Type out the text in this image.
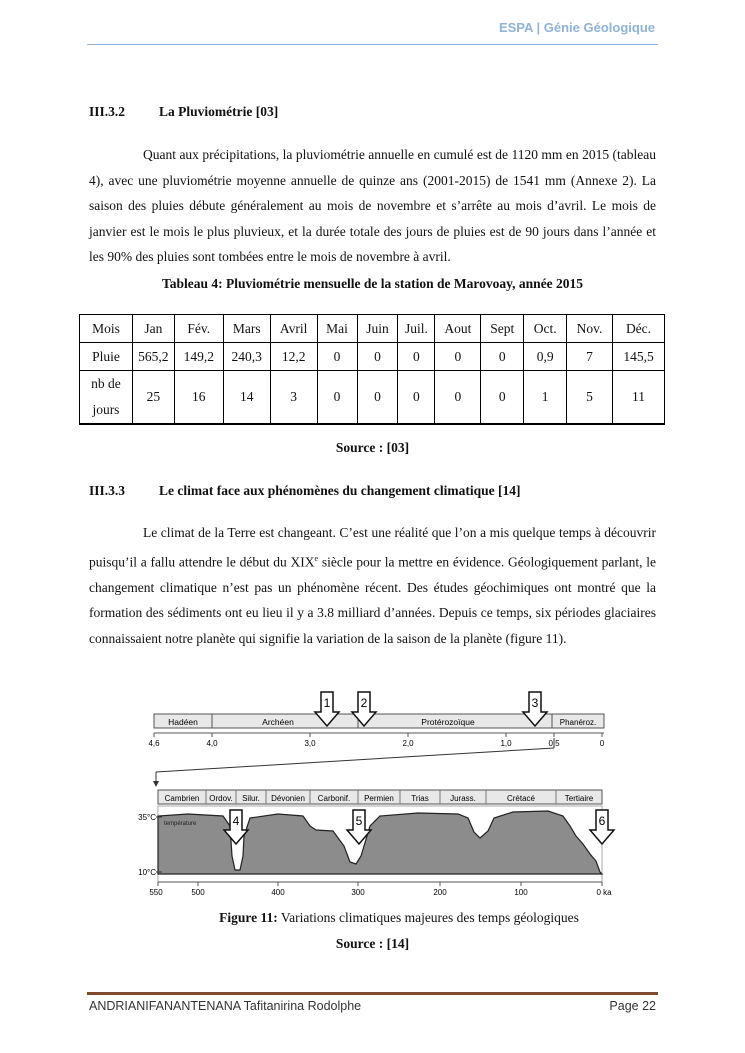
ESPA | Génie Géologique
III.3.2	La Pluviométrie [03]
Quant aux précipitations, la pluviométrie annuelle en cumulé est de 1120 mm en 2015 (tableau 4), avec une pluviométrie moyenne annuelle de quinze ans (2001-2015) de 1541 mm (Annexe 2). La saison des pluies débute généralement au mois de novembre et s’arrête au mois d’avril. Le mois de janvier est le mois le plus pluvieux, et la durée totale des jours de pluies est de 90 jours dans l’année et les 90% des pluies sont tombées entre le mois de novembre à avril.
Tableau 4: Pluviométrie mensuelle de la station de Marovoay, année 2015
Mois	Jan	Fév.	Mars	Avril	Mai	Juin	Juil.	Aout	Sept	Oct.	Nov.	Déc.
Pluie	565,2	149,2	240,3	12,2	0	0	0	0	0	0,9	7	145,5
nb de jours	25	16	14	3	0	0	0	0	0	1	5	11
Source : [03]
III.3.3	Le climat face aux phénomènes du changement climatique [14]
Le climat de la Terre est changeant. C’est une réalité que l’on a mis quelque temps à découvrir puisqu’il a fallu attendre le début du XIXe siècle pour la mettre en évidence. Géologiquement parlant, le changement climatique n’est pas un phénomène récent. Des études géochimiques ont montré que la formation des sédiments ont eu lieu il y a 3.8 milliard d’années. Depuis ce temps, six périodes glaciaires connaissaient notre planète qui signifie la variation de la saison de la planète (figure 11).
Hadéen	Archéen	Protérozoïque	Phanéroz.
4,6	4,0	3,0	2,0	1,0	0,5	0
Cambrien Ordov. Silur. Dévonien Carbonif. Permien Trias	Jurass.	Crétacé	Tertiaire
35°C
10°C
température
550	500	400	300	200	100	0 ka
1	2	3
4	5	6
Figure 11: Variations climatiques majeures des temps géologiques
Source : [14]
ANDRIANIFANANTENANA Tafitanirina Rodolphe	Page 22
